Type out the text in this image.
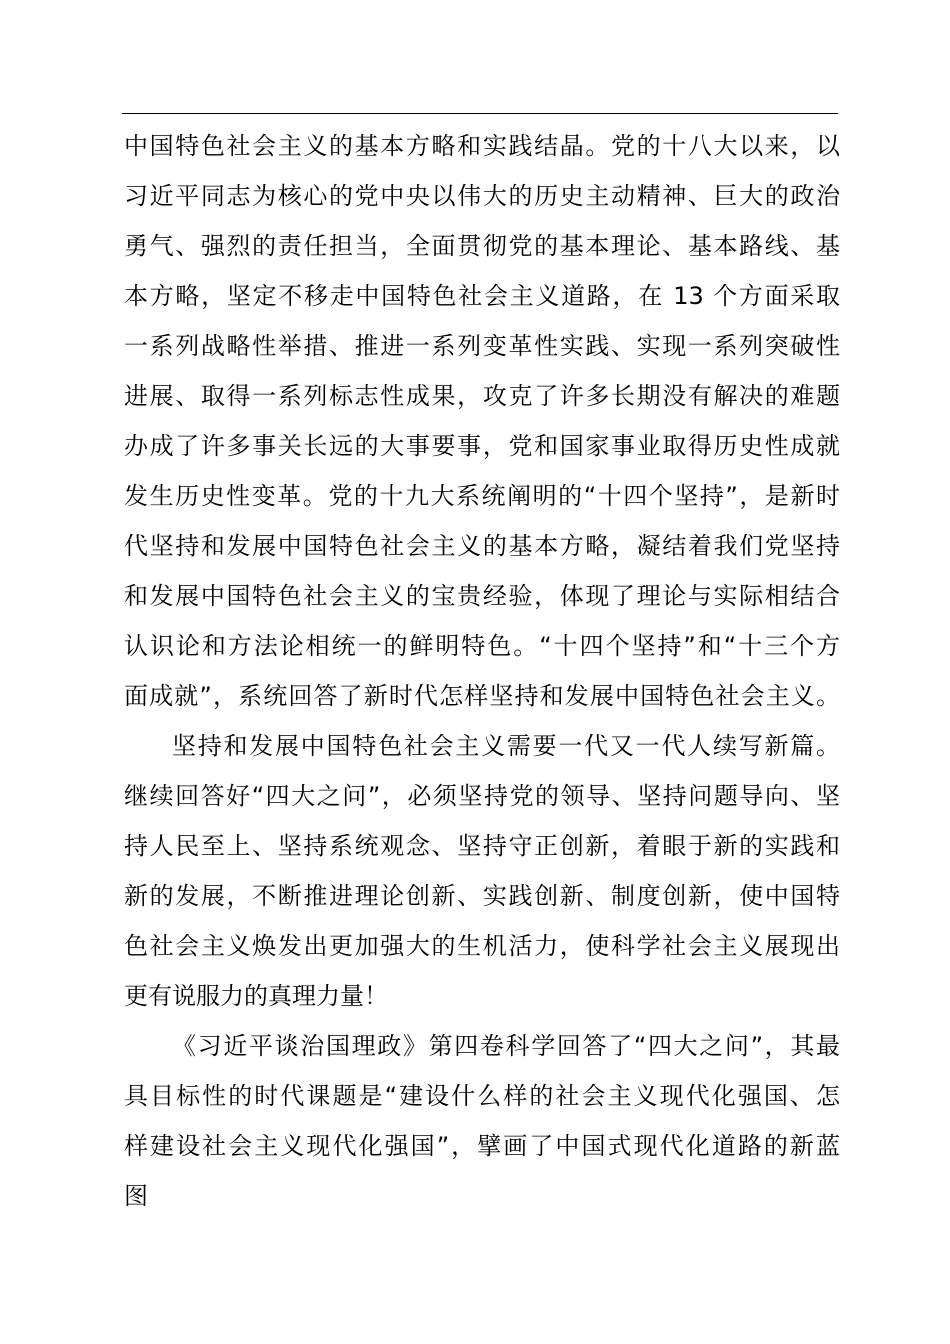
中国特色社会主义的基本方略和实践结晶。党的十八大以来，以
习近平同志为核心的党中央以伟大的历史主动精神、巨大的政治
勇气、强烈的责任担当，全面贯彻党的基本理论、基本路线、基
本方略，坚定不移走中国特色社会主义道路，在 13 个方面采取
一系列战略性举措、推进一系列变革性实践、实现一系列突破性
进展、取得一系列标志性成果，攻克了许多长期没有解决的难题
办成了许多事关长远的大事要事，党和国家事业取得历史性成就
发生历史性变革。党的十九大系统阐明的“十四个坚持”，是新时
代坚持和发展中国特色社会主义的基本方略，凝结着我们党坚持
和发展中国特色社会主义的宝贵经验，体现了理论与实际相结合
认识论和方法论相统一的鲜明特色。“十四个坚持”和“十三个方
面成就”，系统回答了新时代怎样坚持和发展中国特色社会主义。
坚持和发展中国特色社会主义需要一代又一代人续写新篇。
继续回答好“四大之问”，必须坚持党的领导、坚持问题导向、坚
持人民至上、坚持系统观念、坚持守正创新，着眼于新的实践和
新的发展，不断推进理论创新、实践创新、制度创新，使中国特
色社会主义焕发出更加强大的生机活力，使科学社会主义展现出
更有说服力的真理力量！
《习近平谈治国理政》第四卷科学回答了“四大之问”，其最
具目标性的时代课题是“建设什么样的社会主义现代化强国、怎
样建设社会主义现代化强国”，擘画了中国式现代化道路的新蓝
图
